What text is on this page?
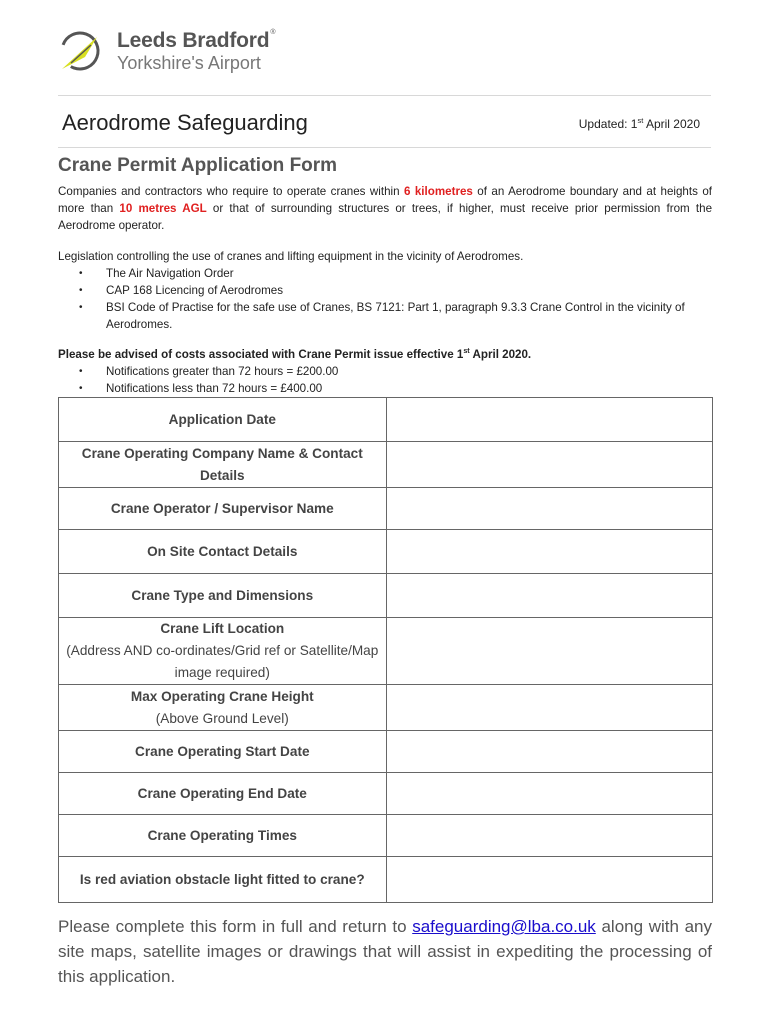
Leeds Bradford®
Yorkshire's Airport
Aerodrome Safeguarding	Updated: 1st April 2020
Crane Permit Application Form
Companies and contractors who require to operate cranes within 6 kilometres of an Aerodrome boundary and at heights of more than 10 metres AGL or that of surrounding structures or trees, if higher, must receive prior permission from the Aerodrome operator.
Legislation controlling the use of cranes and lifting equipment in the vicinity of Aerodromes.
• The Air Navigation Order
• CAP 168 Licencing of Aerodromes
• BSI Code of Practise for the safe use of Cranes, BS 7121: Part 1, paragraph 9.3.3 Crane Control in the vicinity of Aerodromes.
Please be advised of costs associated with Crane Permit issue effective 1st April 2020.
• Notifications greater than 72 hours = £200.00
• Notifications less than 72 hours = £400.00
Application Date	

Crane Operating Company Name & Contact Details	

Crane Operator / Supervisor Name	

On Site Contact Details	

Crane Type and Dimensions	

Crane Lift Location
(Address AND co-ordinates/Grid ref or Satellite/Map image required)	

Max Operating Crane Height
(Above Ground Level)	

Crane Operating Start Date	

Crane Operating End Date	

Crane Operating Times	

Is red aviation obstacle light fitted to crane?	

Please complete this form in full and return to safeguarding@lba.co.uk along with any site maps, satellite images or drawings that will assist in expediting the processing of this application.
